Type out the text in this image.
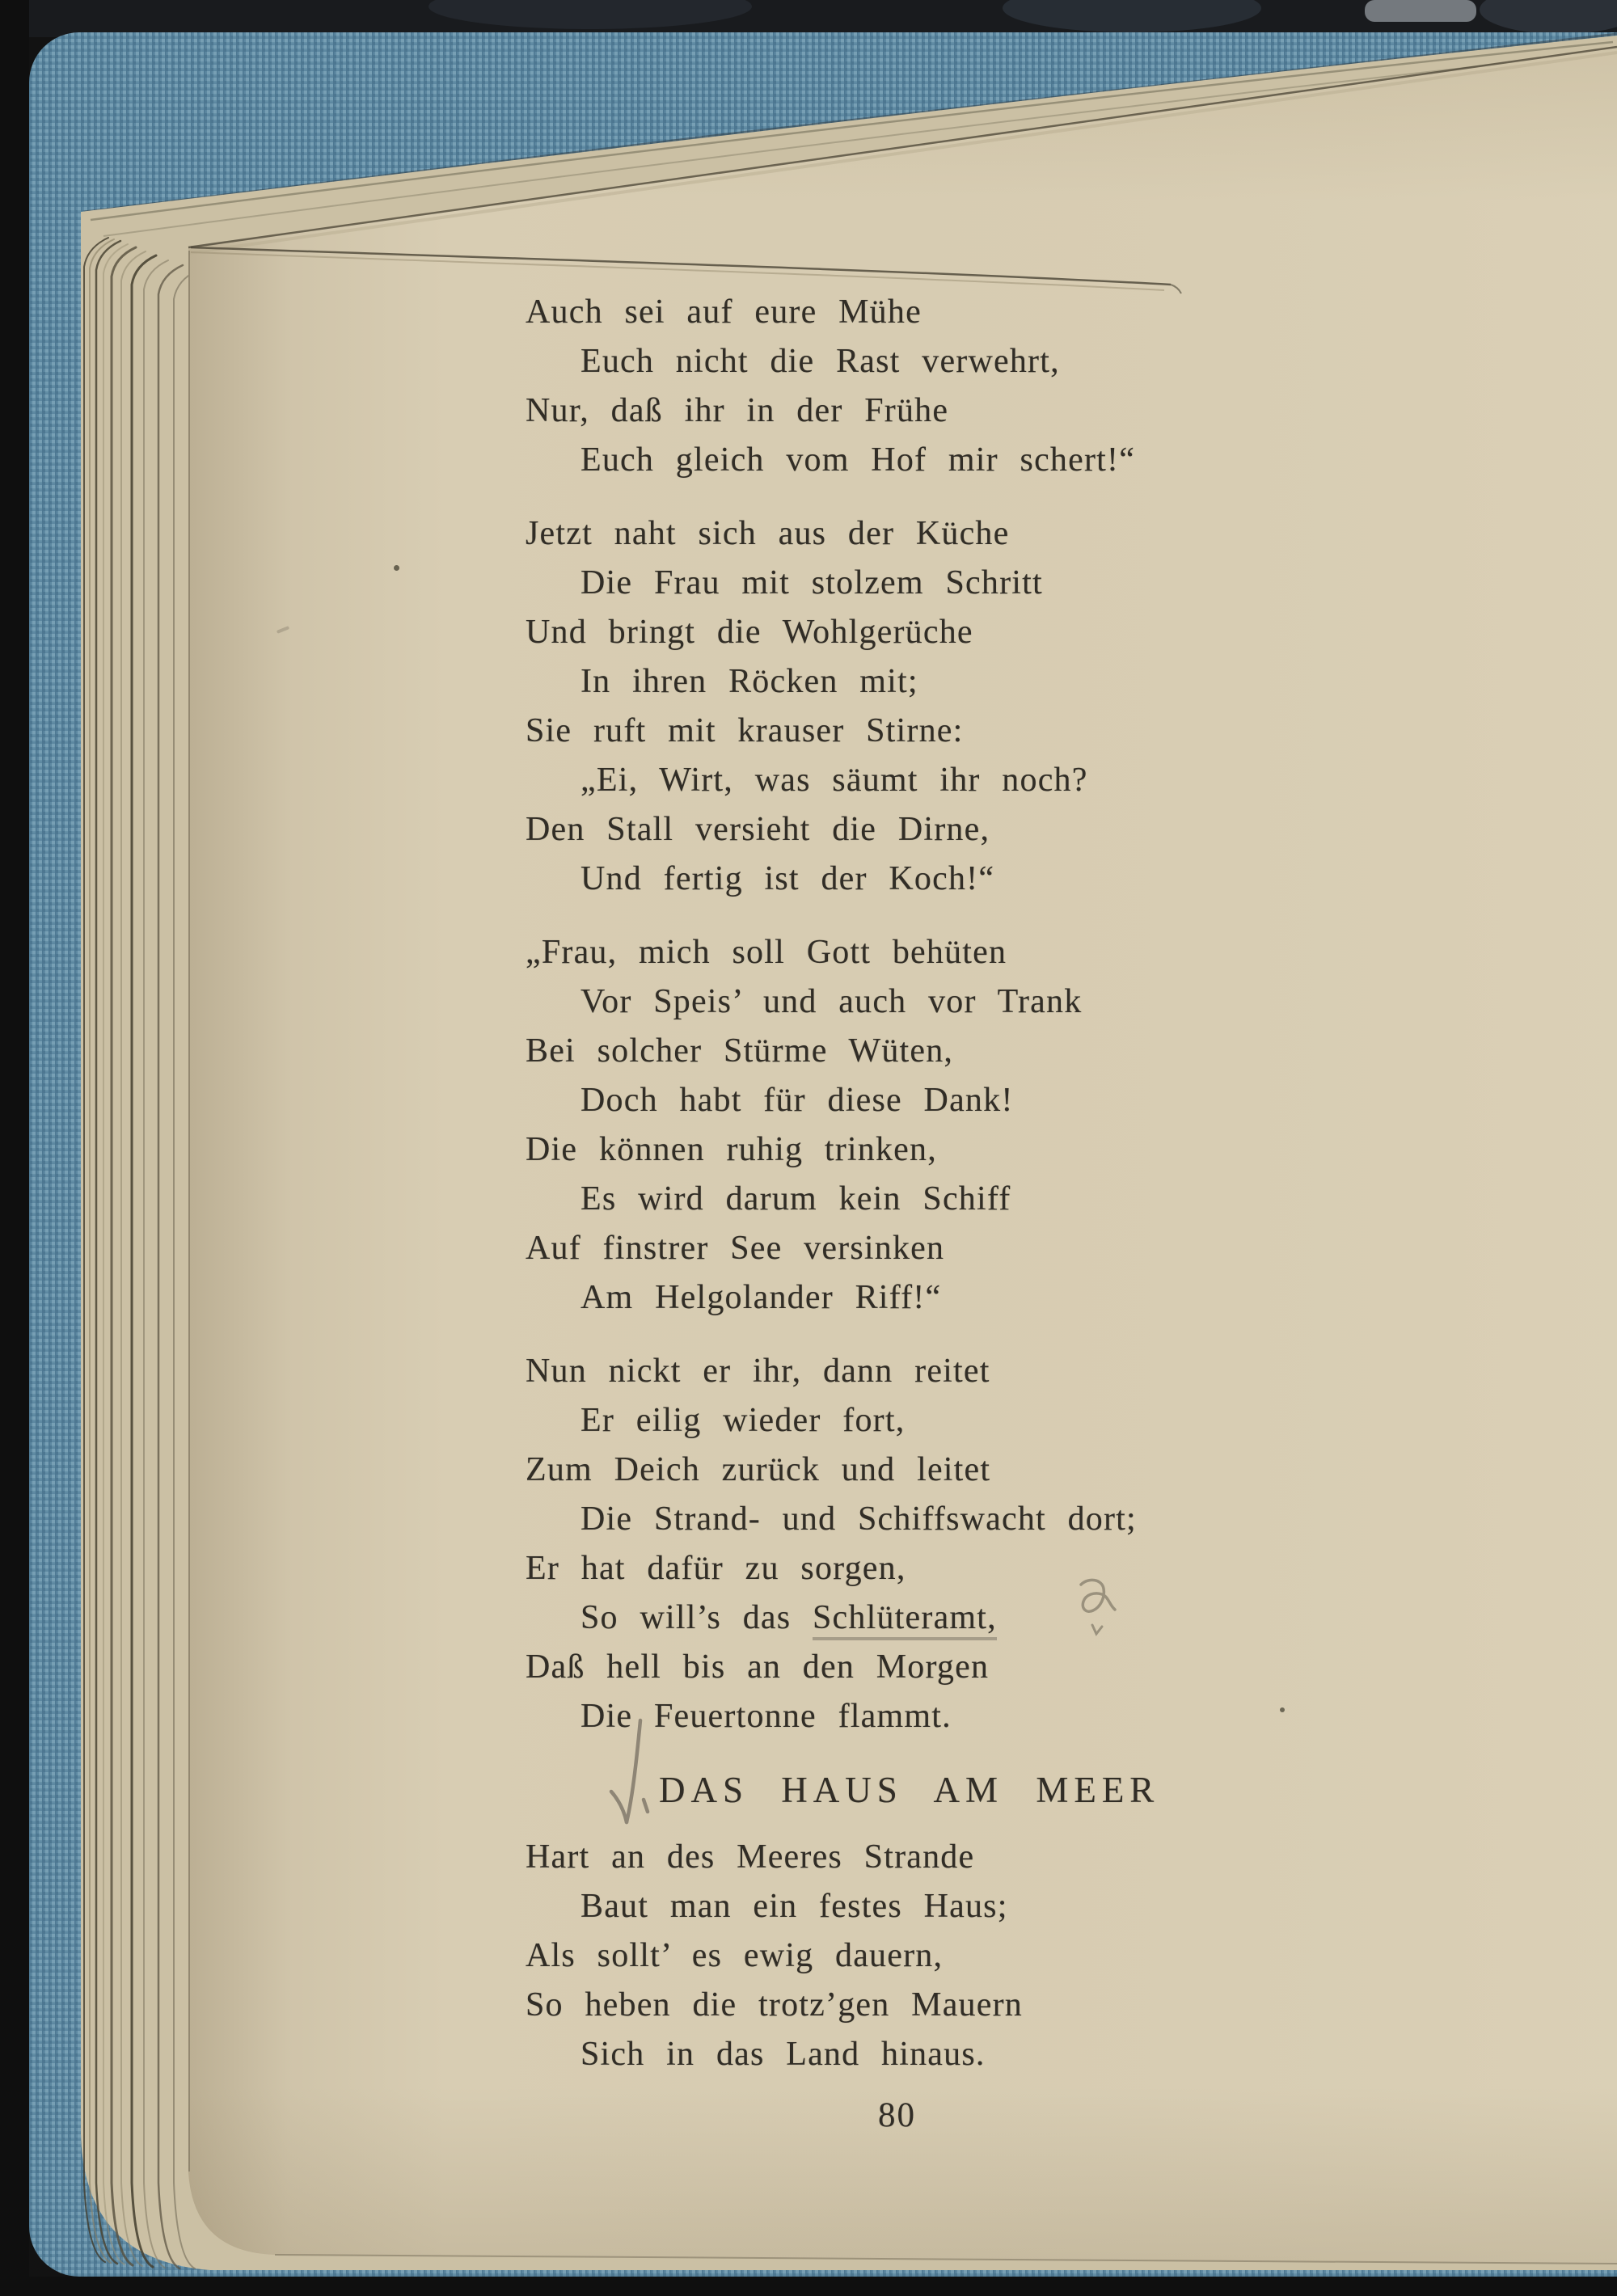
Auch sei auf eure Mühe
Euch nicht die Rast verwehrt,
Nur, daß ihr in der Frühe
Euch gleich vom Hof mir schert!“
Jetzt naht sich aus der Küche
Die Frau mit stolzem Schritt
Und bringt die Wohlgerüche
In ihren Röcken mit;
Sie ruft mit krauser Stirne:
„Ei, Wirt, was säumt ihr noch?
Den Stall versieht die Dirne,
Und fertig ist der Koch!“
„Frau, mich soll Gott behüten
Vor Speis’ und auch vor Trank
Bei solcher Stürme Wüten,
Doch habt für diese Dank!
Die können ruhig trinken,
Es wird darum kein Schiff
Auf finstrer See versinken
Am Helgolander Riff!“
Nun nickt er ihr, dann reitet
Er eilig wieder fort,
Zum Deich zurück und leitet
Die Strand- und Schiffswacht dort;
Er hat dafür zu sorgen,
So will’s das Schlüteramt,
Daß hell bis an den Morgen
Die Feuertonne flammt.
DAS HAUS AM MEER
Hart an des Meeres Strande
Baut man ein festes Haus;
Als sollt’ es ewig dauern,
So heben die trotz’gen Mauern
Sich in das Land hinaus.
80
